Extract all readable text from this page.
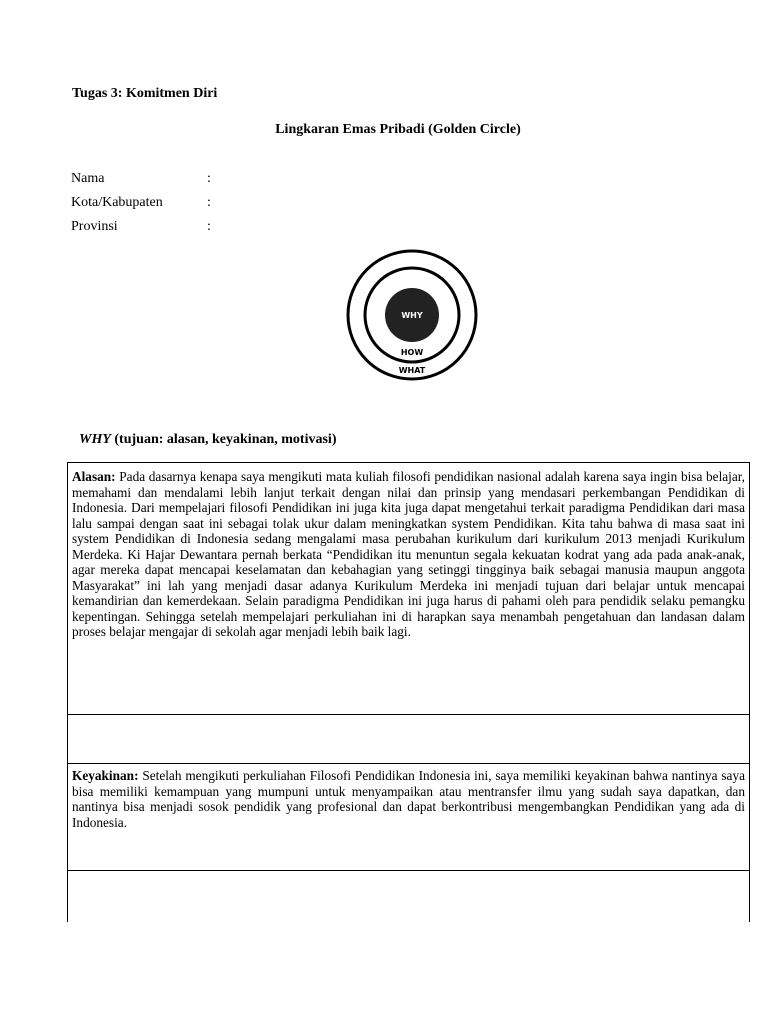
Tugas 3: Komitmen Diri
Lingkaran Emas Pribadi (Golden Circle)
Nama	:
Kota/Kabupaten	:
Provinsi	:
WHY
HOW
WHAT
WHY (tujuan: alasan, keyakinan, motivasi)
Alasan: Pada dasarnya kenapa saya mengikuti mata kuliah filosofi pendidikan nasional adalah karena saya ingin bisa belajar, memahami dan mendalami lebih lanjut terkait dengan nilai dan prinsip yang mendasari perkembangan Pendidikan di Indonesia. Dari mempelajari filosofi Pendidikan ini juga kita juga dapat mengetahui terkait paradigma Pendidikan dari masa lalu sampai dengan saat ini sebagai tolak ukur dalam meningkatkan system Pendidikan. Kita tahu bahwa di masa saat ini system Pendidikan di Indonesia sedang mengalami masa perubahan kurikulum dari kurikulum 2013 menjadi Kurikulum Merdeka. Ki Hajar Dewantara pernah berkata “Pendidikan itu menuntun segala kekuatan kodrat yang ada pada anak-anak, agar mereka dapat mencapai keselamatan dan kebahagian yang setinggi tingginya baik sebagai manusia maupun anggota Masyarakat” ini lah yang menjadi dasar adanya Kurikulum Merdeka ini menjadi tujuan dari belajar untuk mencapai kemandirian dan kemerdekaan. Selain paradigma Pendidikan ini juga harus di pahami oleh para pendidik selaku pemangku kepentingan. Sehingga setelah mempelajari perkuliahan ini di harapkan saya menambah pengetahuan dan landasan dalam proses belajar mengajar di sekolah agar menjadi lebih baik lagi.
Keyakinan: Setelah mengikuti perkuliahan Filosofi Pendidikan Indonesia ini, saya memiliki keyakinan bahwa nantinya saya bisa memiliki kemampuan yang mumpuni untuk menyampaikan atau mentransfer ilmu yang sudah saya dapatkan, dan nantinya bisa menjadi sosok pendidik yang profesional dan dapat berkontribusi mengembangkan Pendidikan yang ada di Indonesia.
